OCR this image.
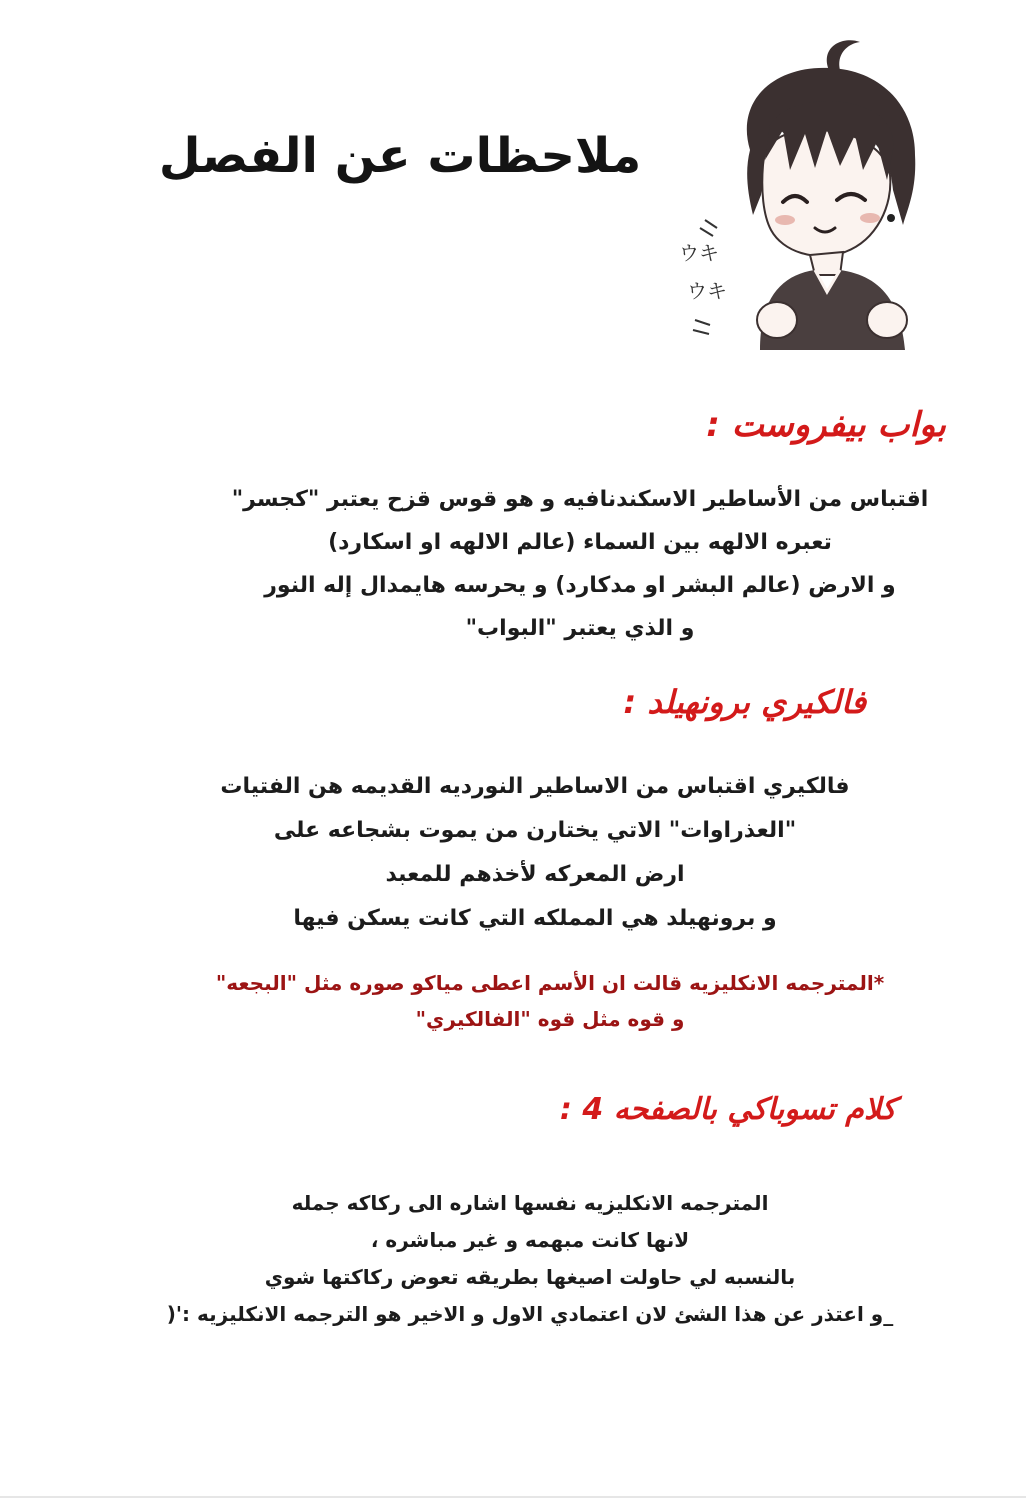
ملاحظات عن الفصل
ウキ
ウキ
بواب بيفروست :
اقتباس من الأساطير الاسكندنافيه و هو قوس قزح يعتبر "كجسر"
تعبره الالهه بين السماء (عالم الالهه او اسكارد)
و الارض (عالم البشر او مدكارد) و يحرسه هايمدال إله النور
و الذي يعتبر "البواب"
فالكيري برونهيلد :
فالكيري اقتباس من الاساطير النورديه القديمه هن الفتيات
"العذراوات" الاتي يختارن من يموت بشجاعه على
ارض المعركه لأخذهم للمعبد
و برونهيلد هي المملكه التي كانت يسكن فيها
*المترجمه الانكليزيه قالت ان الأسم اعطى مياكو صوره مثل "البجعه"
و قوه مثل قوه "الفالكيري"
كلام تسوباكي بالصفحه 4 :
المترجمه الانكليزيه نفسها اشاره الى ركاكه جمله
لانها كانت مبهمه و غير مباشره ،
بالنسبه لي حاولت اصيغها بطريقه تعوض ركاكتها شوي
_و اعتذر عن هذا الشئ لان اعتمادي الاول و الاخير هو الترجمه الانكليزيه :'(
